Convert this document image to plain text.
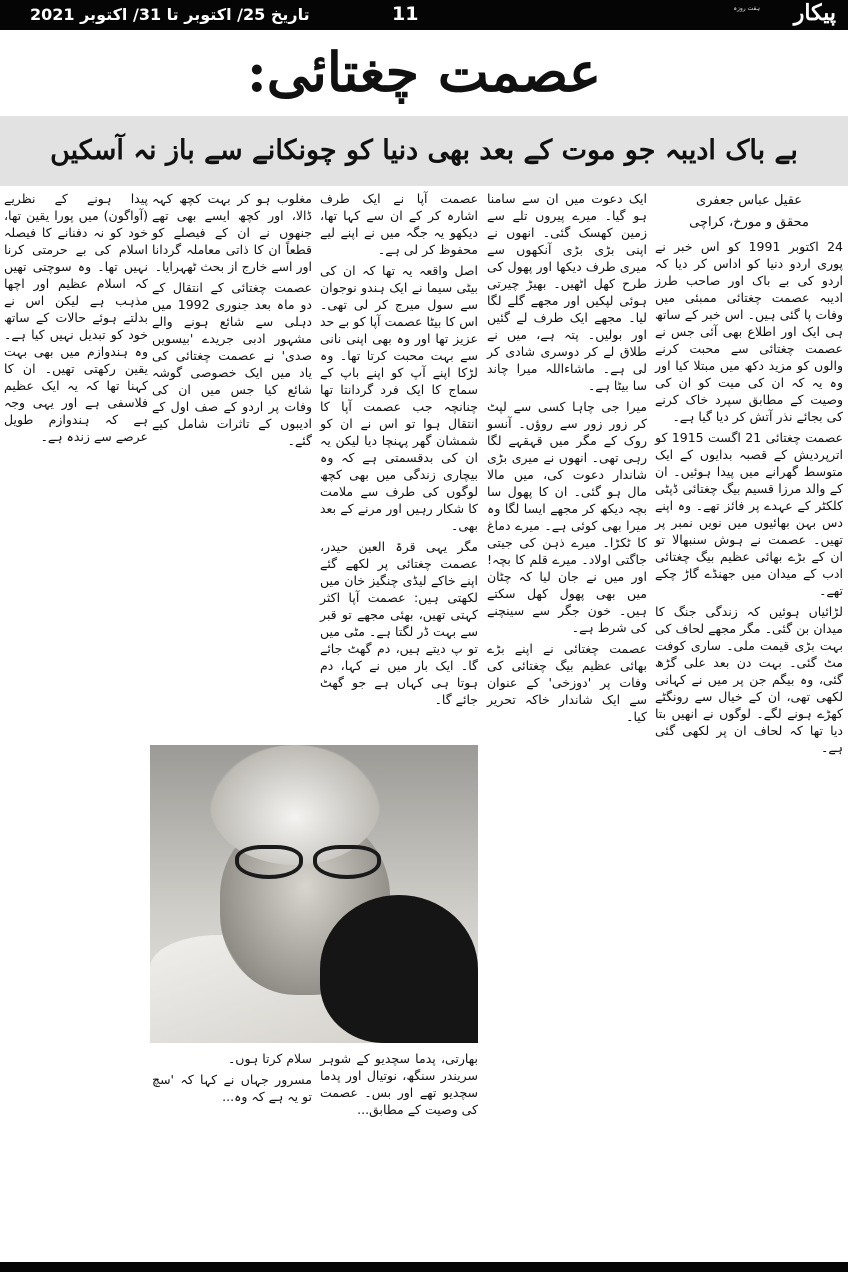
تاریخ 25/ اکتوبر تا 31/ اکتوبر 2021	11	ہفت روزہ پیکار
عصمت چغتائی:
بے باک ادیبہ جو موت کے بعد بھی دنیا کو چونکانے سے باز نہ آسکیں
عقیل عباس جعفری
محقق و مورخ، کراچی

24 اکتوبر 1991 کو اس خبر نے پوری اردو دنیا کو اداس کر دیا کہ اردو کی بے باک اور صاحب طرز ادیبہ عصمت چغتائی ممبئی میں وفات پا گئی ہیں۔ اس خبر کے ساتھ ہی ایک اور اطلاع بھی آئی جس نے عصمت چغتائی سے محبت کرنے والوں کو مزید دکھ میں مبتلا کیا اور وہ یہ کہ ان کی میت کو ان کی وصیت کے مطابق سپرد خاک کرنے کی بجائے نذر آتش کر دیا گیا ہے۔

عصمت چغتائی 21 اگست 1915 کو اترپردیش کے قصبہ بدایوں کے ایک متوسط گھرانے میں پیدا ہوئیں۔ ان کے والد مرزا قسیم بیگ چغتائی ڈپٹی کلکٹر کے عہدے پر فائز تھے۔ وہ اپنے دس بہن بھائیوں میں نویں نمبر پر تھیں۔ عصمت نے ہوش سنبھالا تو ان کے بڑے بھائی عظیم بیگ چغتائی ادب کے میدان میں جھنڈے گاڑ چکے تھے۔

لڑائیاں ہوئیں کہ زندگی جنگ کا میدان بن گئی۔ مگر مجھے لحاف کی بہت بڑی قیمت ملی۔ ساری کوفت مٹ گئی۔ بہت دن بعد علی گڑھ گئی، وہ بیگم جن پر میں نے کہانی لکھی تھی، ان کے خیال سے رونگٹے کھڑے ہونے لگے۔ لوگوں نے انھیں بتا دیا تھا کہ لحاف ان پر لکھی گئی ہے۔

ایک دعوت میں ان سے سامنا ہو گیا۔ میرے پیروں تلے سے زمین کھسک گئی۔ انھوں نے اپنی بڑی بڑی آنکھوں سے میری طرف دیکھا اور پھول کی طرح کھل اٹھیں۔ بھیڑ چیرتی ہوئی لپکیں اور مجھے گلے لگا لیا۔ مجھے ایک طرف لے گئیں اور بولیں۔ پتہ ہے، میں نے طلاق لے کر دوسری شادی کر لی ہے۔ ماشاءاللہ میرا چاند سا بیٹا ہے۔

میرا جی چاہا کسی سے لپٹ کر زور زور سے روؤں۔ آنسو روک کے مگر میں قہقہے لگا رہی تھی۔ انھوں نے میری بڑی شاندار دعوت کی، میں مالا مال ہو گئی۔ ان کا پھول سا بچہ دیکھ کر مجھے ایسا لگا وہ میرا بھی کوئی ہے۔ میرے دماغ کا ٹکڑا۔ میرے ذہن کی جیتی جاگتی اولاد۔ میرے قلم کا بچہ! اور میں نے جان لیا کہ چٹان میں بھی پھول کھل سکتے ہیں۔ خون جگر سے سینچنے کی شرط ہے۔

عصمت چغتائی نے اپنے بڑے بھائی عظیم بیگ چغتائی کی وفات پر 'دوزخی' کے عنوان سے ایک شاندار خاکہ تحریر کیا۔

عصمت آپا نے ایک طرف اشارہ کر کے ان سے کہا تھا، دیکھو یہ جگہ میں نے اپنے لیے محفوظ کر لی ہے۔

اصل واقعہ یہ تھا کہ ان کی بیٹی سیما نے ایک ہندو نوجوان سے سول میرج کر لی تھی۔ اس کا بیٹا عصمت آپا کو بے حد عزیز تھا اور وہ بھی اپنی نانی سے بہت محبت کرتا تھا۔ وہ لڑکا اپنے آپ کو اپنے باپ کے سماج کا ایک فرد گردانتا تھا چنانچہ جب عصمت آپا کا انتقال ہوا تو اس نے ان کو شمشان گھر پہنچا دیا لیکن یہ ان کی بدقسمتی ہے کہ وہ بیچاری زندگی میں بھی کچھ لوگوں کی طرف سے ملامت کا شکار رہیں اور مرنے کے بعد بھی۔

مگر یہی قرۃ العین حیدر، عصمت چغتائی پر لکھے گئے اپنے خاکے لیڈی چنگیز خان میں لکھتی ہیں: عصمت آپا اکثر کہتی تھیں، بھئی مجھے تو قبر سے بہت ڈر لگتا ہے۔ مٹی میں تو پ دیتے ہیں، دم گھٹ جائے گا۔ ایک بار میں نے کہا، دم ہوتا ہی کہاں ہے جو گھٹ جائے گا۔

مغلوب ہو کر بہت کچھ کہہ ڈالا، اور کچھ ایسے بھی تھے جنھوں نے ان کے فیصلے کو قطعاً ان کا ذاتی معاملہ گردانا اور اسے خارج از بحث ٹھہرایا۔

عصمت چغتائی کے انتقال کے دو ماہ بعد جنوری 1992 میں دہلی سے شائع ہونے والے مشہور ادبی جریدے 'بیسویں صدی' نے عصمت چغتائی کی یاد میں ایک خصوصی گوشہ شائع کیا جس میں ان کی وفات پر اردو کے صف اول کے ادیبوں کے تاثرات شامل کیے گئے۔

بھارتی، پدما سچدیو کے شوہر سریندر سنگھ، نوتیال اور پدما سچدیو تھے اور بس۔ عصمت کی وصیت کے مطابق...

سلام کرتا ہوں۔

مسرور جہاں نے کہا کہ 'سچ تو یہ ہے کہ وہ...

پیدا ہونے کے نظریے (آواگون) میں پورا یقین تھا، خود کو نہ دفنانے کا فیصلہ اسلام کی بے حرمتی کرنا نہیں تھا۔ وہ سوچتی تھیں کہ اسلام عظیم اور اچھا مذہب ہے لیکن اس نے بدلتے ہوئے حالات کے ساتھ خود کو تبدیل نہیں کیا ہے۔ وہ ہندوازم میں بھی بہت یقین رکھتی تھیں۔ ان کا کہنا تھا کہ یہ ایک عظیم فلاسفی ہے اور یہی وجہ ہے کہ ہندوازم طویل عرصے سے زندہ ہے۔
